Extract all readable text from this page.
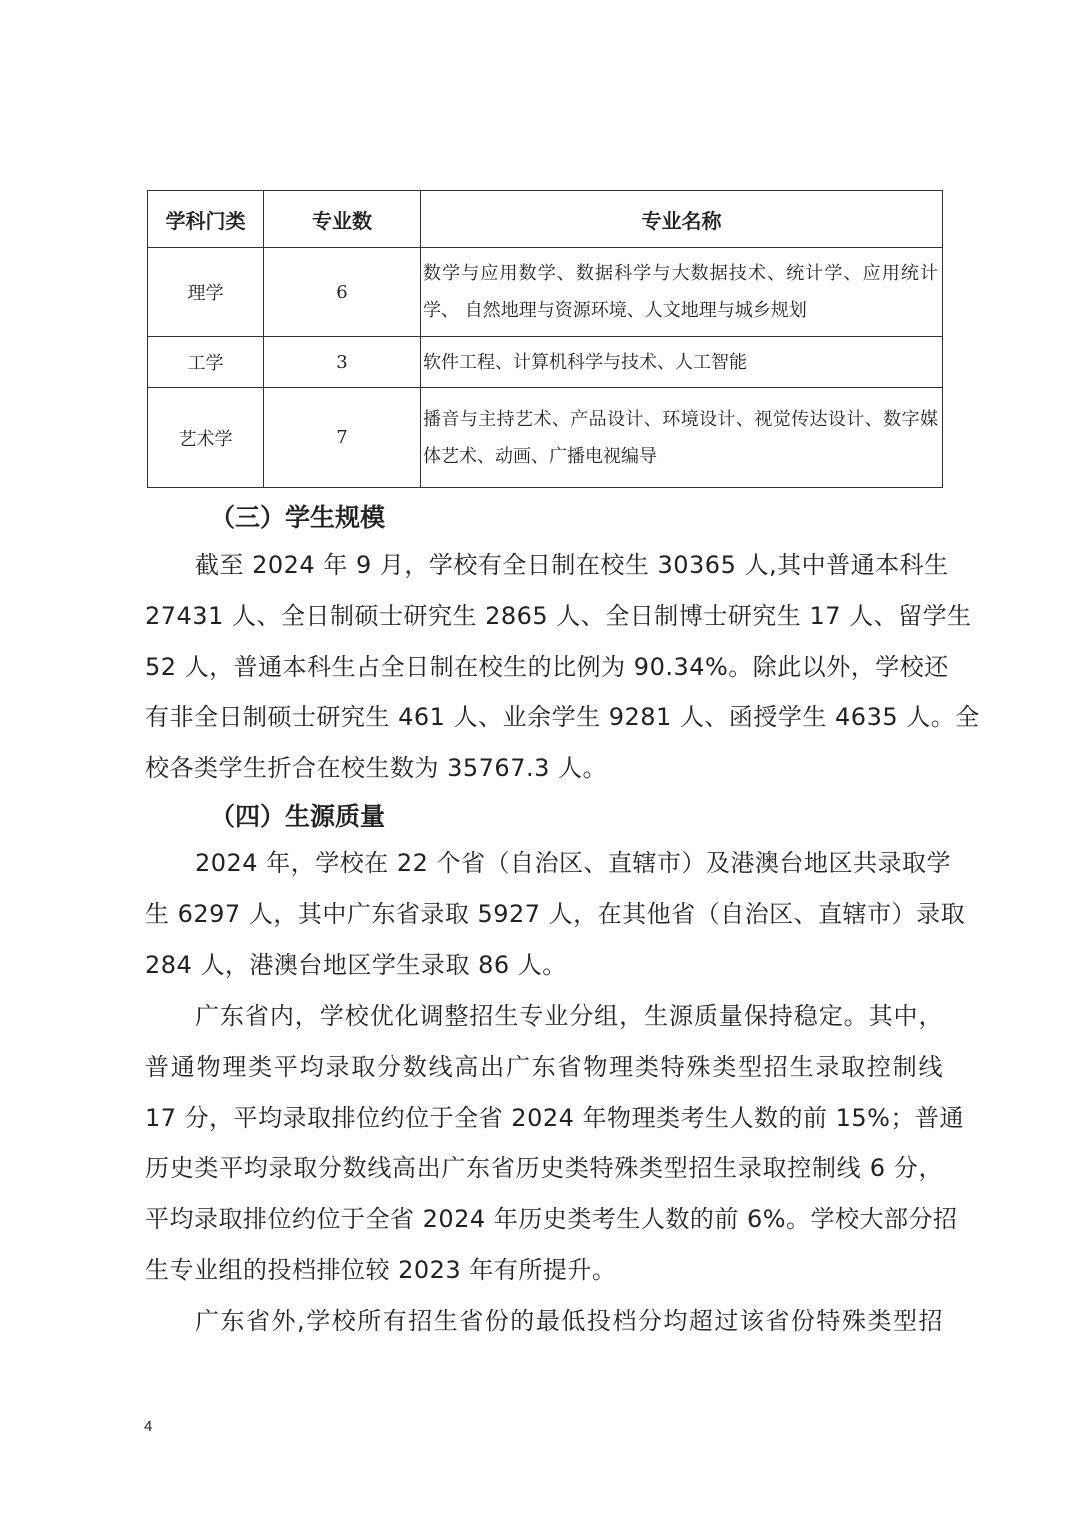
学科门类	专业数	专业名称
理学	6	数学与应用数学、数据科学与大数据技术、统计学、应用统计学、 自然地理与资源环境、人文地理与城乡规划
工学	3	软件工程、计算机科学与技术、人工智能
艺术学	7	播音与主持艺术、产品设计、环境设计、视觉传达设计、数字媒体艺术、动画、广播电视编导
（三）学生规模
截至 2024 年 9 月，学校有全日制在校生 30365 人,其中普通本科生
27431 人、全日制硕士研究生 2865 人、全日制博士研究生 17 人、留学生
52 人，普通本科生占全日制在校生的比例为 90.34%。除此以外，学校还
有非全日制硕士研究生 461 人、业余学生 9281 人、函授学生 4635 人。全
校各类学生折合在校生数为 35767.3 人。
2024 年，学校在 22 个省（自治区、直辖市）及港澳台地区共录取学
生 6297 人，其中广东省录取 5927 人，在其他省（自治区、直辖市）录取
284 人，港澳台地区学生录取 86 人。
广东省内，学校优化调整招生专业分组，生源质量保持稳定。其中，
普通物理类平均录取分数线高出广东省物理类特殊类型招生录取控制线
17 分，平均录取排位约位于全省 2024 年物理类考生人数的前 15%；普通
历史类平均录取分数线高出广东省历史类特殊类型招生录取控制线 6 分，
平均录取排位约位于全省 2024 年历史类考生人数的前 6%。学校大部分招
生专业组的投档排位较 2023 年有所提升。
广东省外,学校所有招生省份的最低投档分均超过该省份特殊类型招
（四）生源质量
4
